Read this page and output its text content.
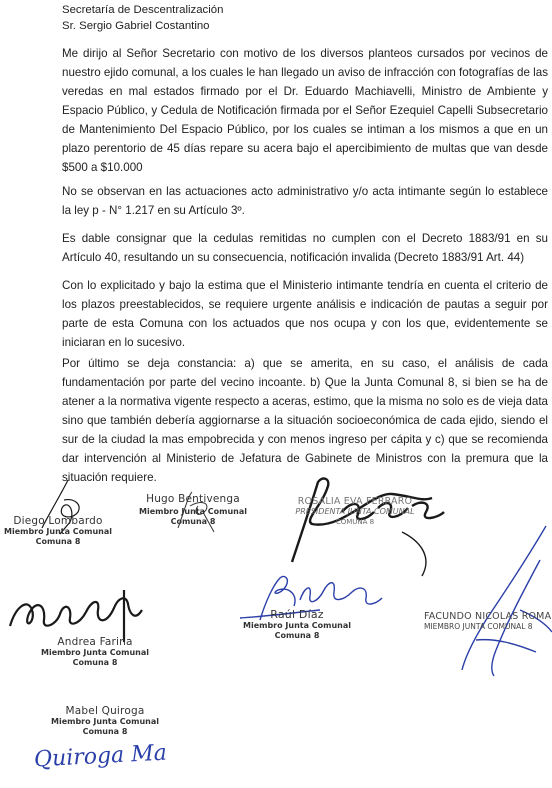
Secretaría de Descentralización
Sr. Sergio Gabriel Costantino

Me dirijo al Señor Secretario con motivo de los diversos planteos cursados por vecinos de nuestro ejido comunal, a los cuales le han llegado un aviso de infracción con fotografías de las veredas en mal estados firmado por el Dr. Eduardo Machiavelli, Ministro de Ambiente y Espacio Público, y Cedula de Notificación firmada por el Señor Ezequiel Capelli Subsecretario de Mantenimiento Del Espacio Público, por los cuales se intiman a los mismos a que en un plazo perentorio de 45 días repare su acera bajo el apercibimiento de multas que van desde $500 a $10.000

No se observan en las actuaciones acto administrativo y/o acta intimante según lo establece la ley p - N° 1.217 en su Artículo 3º.

Es dable consignar que la cedulas remitidas no cumplen con el Decreto 1883/91 en su Artículo 40, resultando un su consecuencia, notificación invalida (Decreto 1883/91 Art. 44)

Con lo explicitado y bajo la estima que el Ministerio intimante tendría en cuenta el criterio de los plazos preestablecidos, se requiere urgente análisis e indicación de pautas a seguir por parte de esta Comuna con los actuados que nos ocupa y con los que, evidentemente se iniciaran en lo sucesivo.

Por último se deja constancia: a) que se amerita, en su caso, el análisis de cada fundamentación por parte del vecino incoante. b) Que la Junta Comunal 8, si bien se ha de atener a la normativa vigente respecto a aceras, estimo, que la misma no solo es de vieja data sino que también debería aggiornarse a la situación socioeconómica de cada ejido, siendo el sur de la ciudad la mas empobrecida y con menos ingreso per cápita y c) que se recomienda dar intervención al Ministerio de Jefatura de Gabinete de Ministros con la premura que la situación requiere.

Diego Lombardo
Miembro Junta Comunal
Comuna 8
Hugo Bentivenga
Miembro Junta Comunal
Comuna 8
ROSALIA EVA FERRARO
PRESIDENTA JUNTA COMUNAL
COMUNA 8
Andrea Farina
Miembro Junta Comunal
Comuna 8
Raúl Díaz
Miembro Junta Comunal
Comuna 8
FACUNDO NICOLAS ROMA
MIEMBRO JUNTA COMUNAL 8
Mabel Quiroga
Miembro Junta Comunal
Comuna 8
Quiroga Ma
